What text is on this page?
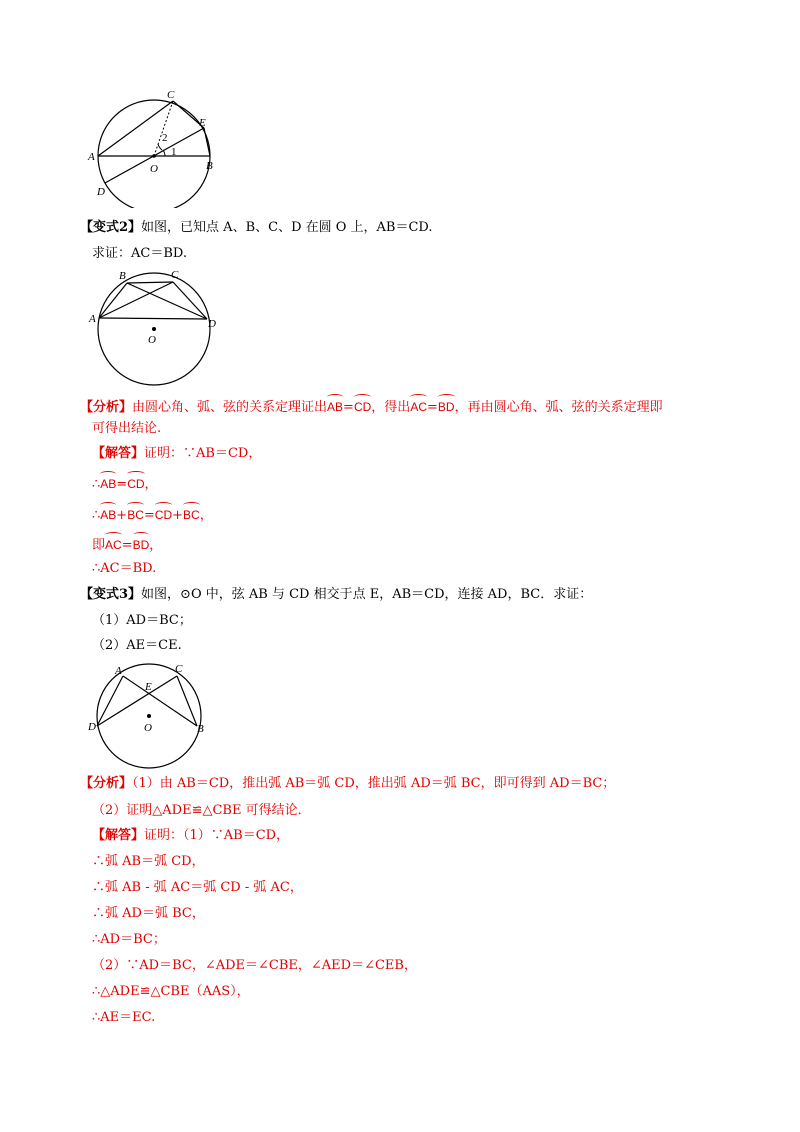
A
B
C
D
E
O
1
2
【变式2】如图，已知点 A、B、C、D 在圆 O 上，AB＝CD.
求证：AC＝BD.
A
B	C
D
O
【分析】由圆心角、弧、弦的关系定理证出AB=CD，得出AC=BD，再由圆心角、弧、弦的关系定理即
可得出结论.
【解答】证明：∵AB＝CD，
∴AB=CD，
∴AB+BC=CD+BC，
即AC=BD，
∴AC＝BD.
【变式3】如图，⊙O 中，弦 AB 与 CD 相交于点 E，AB＝CD，连接 AD，BC．求证：
（1）AD＝BC；
（2）AE＝CE.
A	C
E
D	B
O
【分析】（1）由 AB＝CD，推出弧 AB＝弧 CD，推出弧 AD＝弧 BC，即可得到 AD＝BC；
（2）证明△ADE≌△CBE 可得结论．
【解答】证明：（1）∵AB＝CD，
∴弧 AB＝弧 CD，
∴弧 AB - 弧 AC＝弧 CD - 弧 AC，
∴弧 AD＝弧 BC，
∴AD＝BC；
（2）∵AD＝BC，∠ADE＝∠CBE，∠AED＝∠CEB，
∴△ADE≌△CBE（AAS），
∴AE＝EC.
